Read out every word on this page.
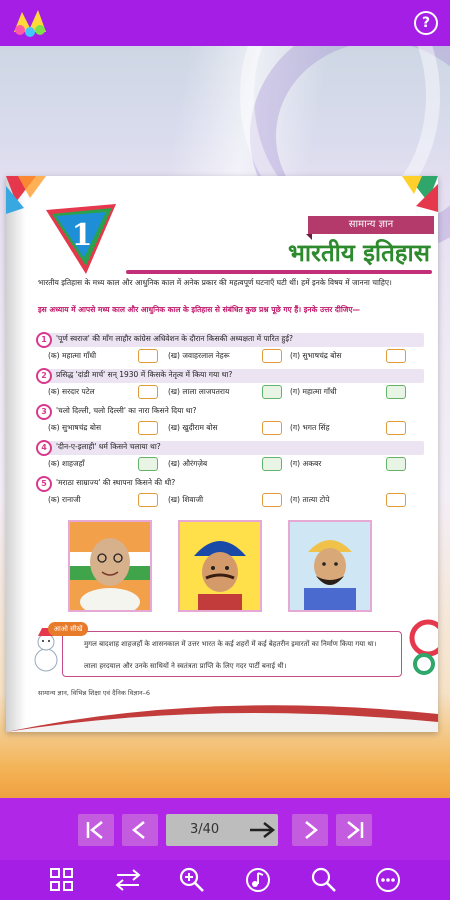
?
1	सामान्य ज्ञान
भारतीय इतिहास
भारतीय इतिहास के मध्य काल और आधुनिक काल में अनेक प्रकार की महत्वपूर्ण घटनाएँ घटी थीं। हमें इनके विषय में जानना चाहिए।
इस अध्याय में आपसे मध्य काल और आधुनिक काल के इतिहास से संबंधित कुछ प्रश्न पूछे गए हैं। इनके उत्तर दीजिए—
1	'पूर्ण स्वराज' की माँग लाहौर कांग्रेस अधिवेशन के दौरान किसकी अध्यक्षता में पारित हुई?
(क) महात्मा गाँधी	(ख) जवाहरलाल नेहरू	(ग) सुभाषचंद्र बोस
2	प्रसिद्ध 'दांडी मार्च' सन् 1930 में किसके नेतृत्व में किया गया था?
(क) सरदार पटेल	(ख) लाला लाजपतराय	(ग) महात्मा गाँधी
3	'चलो दिल्ली, चलो दिल्ली' का नारा किसने दिया था?
(क) सुभाषचंद्र बोस	(ख) खुदीराम बोस	(ग) भगत सिंह
4	'दीन-ए-इलाही' धर्म किसने चलाया था?
(क) शाहजहाँ	(ख) औरंगज़ेब	(ग) अकबर
5	'मराठा साम्राज्य' की स्थापना किसने की थी?
(क) रानाजी	(ख) शिवाजी	(ग) तात्या टोपे
आओ सीखें
मुगल बादशाह शाहजहाँ के शासनकाल में उत्तर भारत के कई शहरों में कई बेहतरीन इमारतों का निर्माण किया गया था।
लाला हरदयाल और उनके साथियों ने स्वतंत्रता प्राप्ति के लिए गदर पार्टी बनाई थी।
सामान्य ज्ञान, विभिन्न शिक्षा एवं दैनिक विज्ञान–6
3/40
